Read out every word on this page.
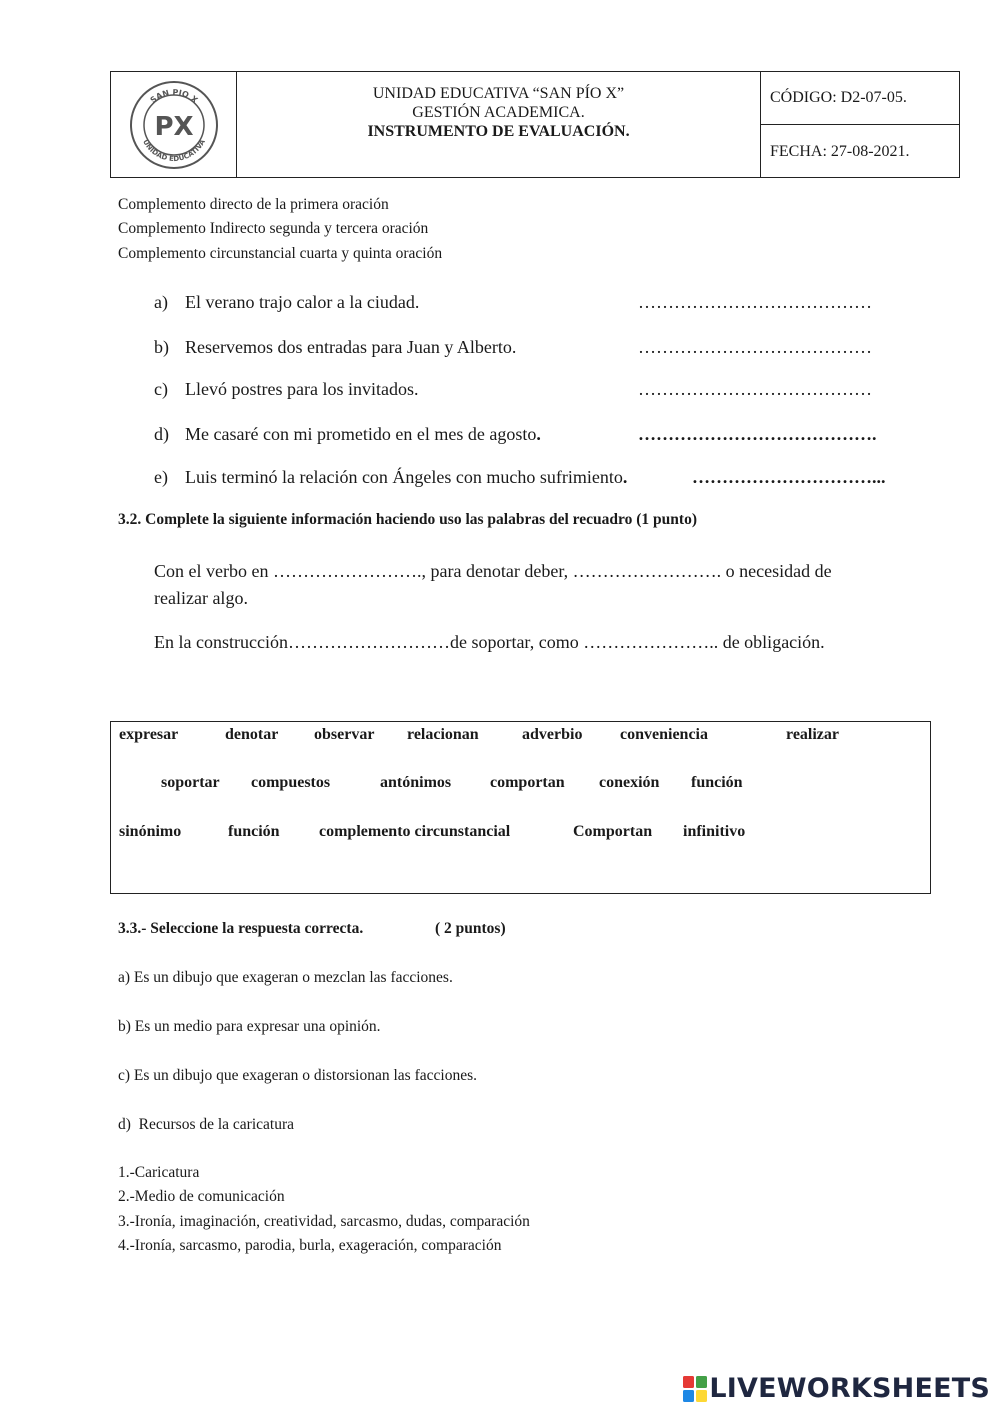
SAN PIO X
UNIDAD EDUCATIVA
PX
UNIDAD EDUCATIVA “SAN PÍO X”
GESTIÓN ACADEMICA.
INSTRUMENTO DE EVALUACIÓN.
CÓDIGO: D2-07-05.
FECHA: 27-08-2021.
Complemento directo de la primera oración
Complemento Indirecto segunda y tercera oración
Complemento circunstancial cuarta y quinta oración
a) El verano trajo calor a la ciudad.	…………………………………
b) Reservemos dos entradas para Juan y Alberto.	…………………………………
c) Llevó postres para los invitados.	…………………………………
d) Me casaré con mi prometido en el mes de agosto.	………………………………….
e) Luis terminó la relación con Ángeles con mucho sufrimiento.	…………………………...
3.2. Complete la siguiente información haciendo uso las palabras del recuadro (1 punto)
Con el verbo en ……………………., para denotar deber, ……………………. o necesidad de
realizar algo.
En la construcción………………………de soportar, como ………………….. de obligación.
expresar	denotar observar relacionan	adverbio conveniencia	realizar
soportar compuestos	antónimos comportan conexión función
sinónimo	función complemento circunstancial	Comportan infinitivo
3.3.- Seleccione la respuesta correcta.	( 2 puntos)
a) Es un dibujo que exageran o mezclan las facciones.
b) Es un medio para expresar una opinión.
c) Es un dibujo que exageran o distorsionan las facciones.
d)  Recursos de la caricatura
1.-Caricatura
2.-Medio de comunicación
3.-Ironía, imaginación, creatividad, sarcasmo, dudas, comparación
4.-Ironía, sarcasmo, parodia, burla, exageración, comparación
LIVEWORKSHEETS
